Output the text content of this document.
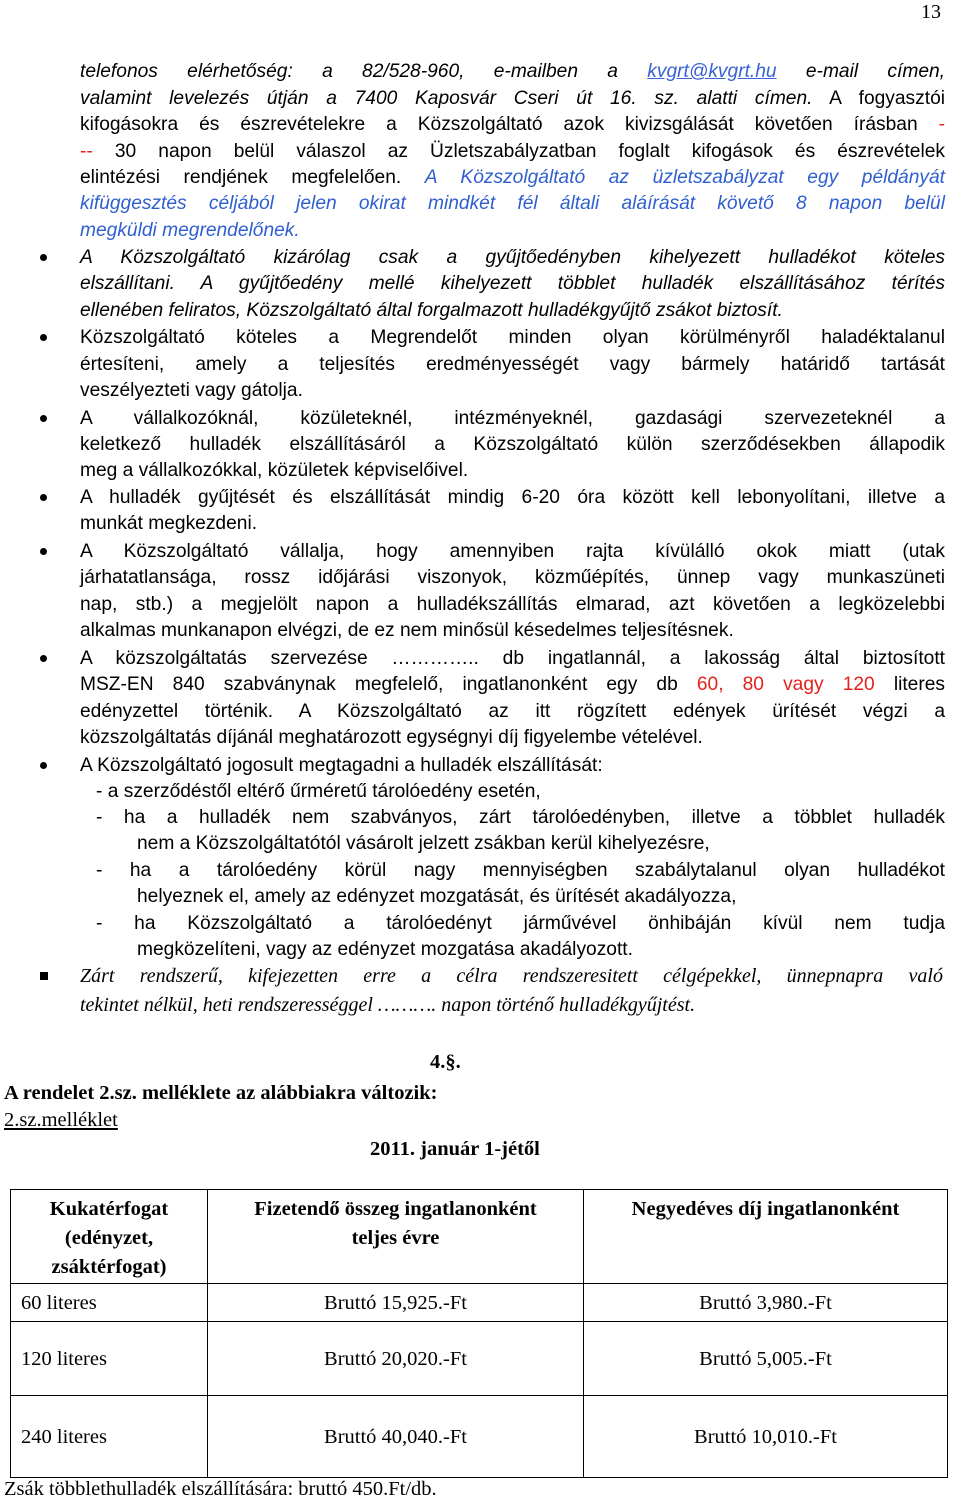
13
telefonos elérhetőség: a 82/528-960, e-mailben a kvgrt@kvgrt.hu e-mail címen,
valamint levelezés útján a 7400 Kaposvár Cseri út 16. sz. alatti címen. A fogyasztói
kifogásokra és észrevételekre a Közszolgáltató azok kivizsgálását követően írásban -
-- 30 napon belül válaszol az Üzletszabályzatban foglalt kifogások és észrevételek
elintézési rendjének megfelelően. A Közszolgáltató az üzletszabályzat egy példányát
kifüggesztés céljából jelen okirat mindkét fél általi aláírását követő 8 napon belül
megküldi megrendelőnek.
A Közszolgáltató kizárólag csak a gyűjtőedényben kihelyezett hulladékot köteles
elszállítani. A gyűjtőedény mellé kihelyezett többlet hulladék elszállításához térítés
ellenében feliratos, Közszolgáltató által forgalmazott hulladékgyűjtő zsákot biztosít.
Közszolgáltató köteles a Megrendelőt minden olyan körülményről haladéktalanul
értesíteni, amely a teljesítés eredményességét vagy bármely határidő tartását
veszélyezteti vagy gátolja.
A vállalkozóknál, közületeknél, intézményeknél, gazdasági szervezeteknél a
keletkező hulladék elszállításáról a Közszolgáltató külön szerződésekben állapodik
meg a vállalkozókkal, közületek képviselőivel.
A hulladék gyűjtését és elszállítását mindig 6-20 óra között kell lebonyolítani, illetve a
munkát megkezdeni.
A Közszolgáltató vállalja, hogy amennyiben rajta kívülálló okok miatt (utak
járhatatlansága, rossz időjárási viszonyok, közműépítés, ünnep vagy munkaszüneti
nap, stb.) a megjelölt napon a hulladékszállítás elmarad, azt követően a legközelebbi
alkalmas munkanapon elvégzi, de ez nem minősül késedelmes teljesítésnek.
A közszolgáltatás szervezése ………….. db ingatlannál, a lakosság által biztosított
MSZ-EN 840 szabványnak megfelelő, ingatlanonként egy db 60, 80 vagy 120 literes
edényzettel történik. A Közszolgáltató az itt rögzített edények ürítését végzi a
közszolgáltatás díjánál meghatározott egységnyi díj figyelembe vételével.
A Közszolgáltató jogosult megtagadni a hulladék elszállítását:
- a szerződéstől eltérő űrméretű tárolóedény esetén,
- ha a hulladék nem szabványos, zárt tárolóedényben, illetve a többlet hulladék
nem a Közszolgáltatótól vásárolt jelzett zsákban kerül kihelyezésre,
- ha a tárolóedény körül nagy mennyiségben szabálytalanul olyan hulladékot
helyeznek el, amely az edényzet mozgatását, és ürítését akadályozza,
- ha Közszolgáltató a tárolóedényt járművével önhibáján kívül nem tudja
megközelíteni, vagy az edényzet mozgatása akadályozott.
Zárt rendszerű, kifejezetten erre a célra rendszeresitett célgépekkel, ünnepnapra való
tekintet nélkül, heti rendszerességgel ………. napon történő hulladékgyűjtést.
4.§.
A rendelet 2.sz. melléklete az alábbiakra változik:
2.sz.melléklet
2011. január 1-jétől
Kukatérfogat (edényzet, zsáktérfogat)	Fizetendő összeg ingatlanonként teljes évre	Negyedéves díj ingatlanonként
60 literes	Bruttó 15,925.-Ft	Bruttó 3,980.-Ft
120 literes	Bruttó 20,020.-Ft	Bruttó 5,005.-Ft
240 literes	Bruttó 40,040.-Ft	Bruttó 10,010.-Ft
Zsák többlethulladék elszállítására: bruttó 450.Ft/db.
